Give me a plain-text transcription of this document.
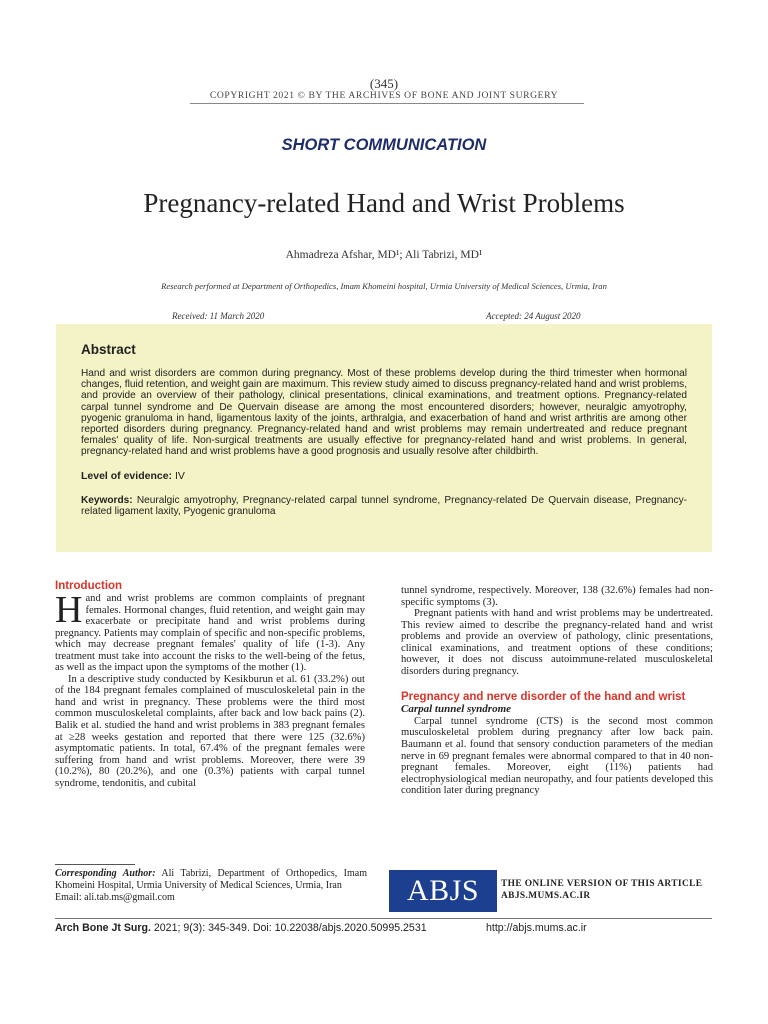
(345)
COPYRIGHT 2021 © BY THE ARCHIVES OF BONE AND JOINT SURGERY
SHORT COMMUNICATION
Pregnancy-related Hand and Wrist Problems
Ahmadreza Afshar, MD¹; Ali Tabrizi, MD¹
Research performed at Department of Orthopedics, Imam Khomeini hospital, Urmia University of Medical Sciences, Urmia, Iran
Received: 11 March 2020	Accepted: 24 August 2020
Abstract

Hand and wrist disorders are common during pregnancy. Most of these problems develop during the third trimester when hormonal changes, fluid retention, and weight gain are maximum. This review study aimed to discuss pregnancy-related hand and wrist problems, and provide an overview of their pathology, clinical presentations, clinical examinations, and treatment options. Pregnancy-related carpal tunnel syndrome and De Quervain disease are among the most encountered disorders; however, neuralgic amyotrophy, pyogenic granuloma in hand, ligamentous laxity of the joints, arthralgia, and exacerbation of hand and wrist arthritis are among other reported disorders during pregnancy. Pregnancy-related hand and wrist problems may remain undertreated and reduce pregnant females' quality of life. Non-surgical treatments are usually effective for pregnancy-related hand and wrist problems. In general, pregnancy-related hand and wrist problems have a good prognosis and usually resolve after childbirth.

Level of evidence: IV

Keywords: Neuralgic amyotrophy, Pregnancy-related carpal tunnel syndrome, Pregnancy-related De Quervain disease, Pregnancy-related ligament laxity, Pyogenic granuloma

Introduction

Hand and wrist problems are common complaints of pregnant females. Hormonal changes, fluid retention, and weight gain may exacerbate or precipitate hand and wrist problems during pregnancy. Patients may complain of specific and non-specific problems, which may decrease pregnant females' quality of life (1-3). Any treatment must take into account the risks to the well-being of the fetus, as well as the impact upon the symptoms of the mother (1).

In a descriptive study conducted by Kesikburun et al. 61 (33.2%) out of the 184 pregnant females complained of musculoskeletal pain in the hand and wrist in pregnancy. These problems were the third most common musculoskeletal complaints, after back and low back pains (2). Balik et al. studied the hand and wrist problems in 383 pregnant females at ≥28 weeks gestation and reported that there were 125 (32.6%) asymptomatic patients. In total, 67.4% of the pregnant females were suffering from hand and wrist problems. Moreover, there were 39 (10.2%), 80 (20.2%), and one (0.3%) patients with carpal tunnel syndrome, tendonitis, and cubital

tunnel syndrome, respectively. Moreover, 138 (32.6%) females had non-specific symptoms (3).

Pregnant patients with hand and wrist problems may be undertreated. This review aimed to describe the pregnancy-related hand and wrist problems and provide an overview of pathology, clinic presentations, clinical examinations, and treatment options of these conditions; however, it does not discuss autoimmune-related musculoskeletal disorders during pregnancy.

Pregnancy and nerve disorder of the hand and wrist
Carpal tunnel syndrome

Carpal tunnel syndrome (CTS) is the second most common musculoskeletal problem during pregnancy after low back pain. Baumann et al. found that sensory conduction parameters of the median nerve in 69 pregnant females were abnormal compared to that in 40 non-pregnant females. Moreover, eight (11%) patients had electrophysiological median neuropathy, and four patients developed this condition later during pregnancy

Corresponding Author: Ali Tabrizi, Department of Orthopedics, Imam Khomeini Hospital, Urmia University of Medical Sciences, Urmia, Iran
Email: ali.tab.ms@gmail.com	ABJS THE ONLINE VERSION OF THIS ARTICLE
ABJS.MUMS.AC.IR
Arch Bone Jt Surg. 2021; 9(3): 345-349. Doi: 10.22038/abjs.2020.50995.2531	http://abjs.mums.ac.ir
